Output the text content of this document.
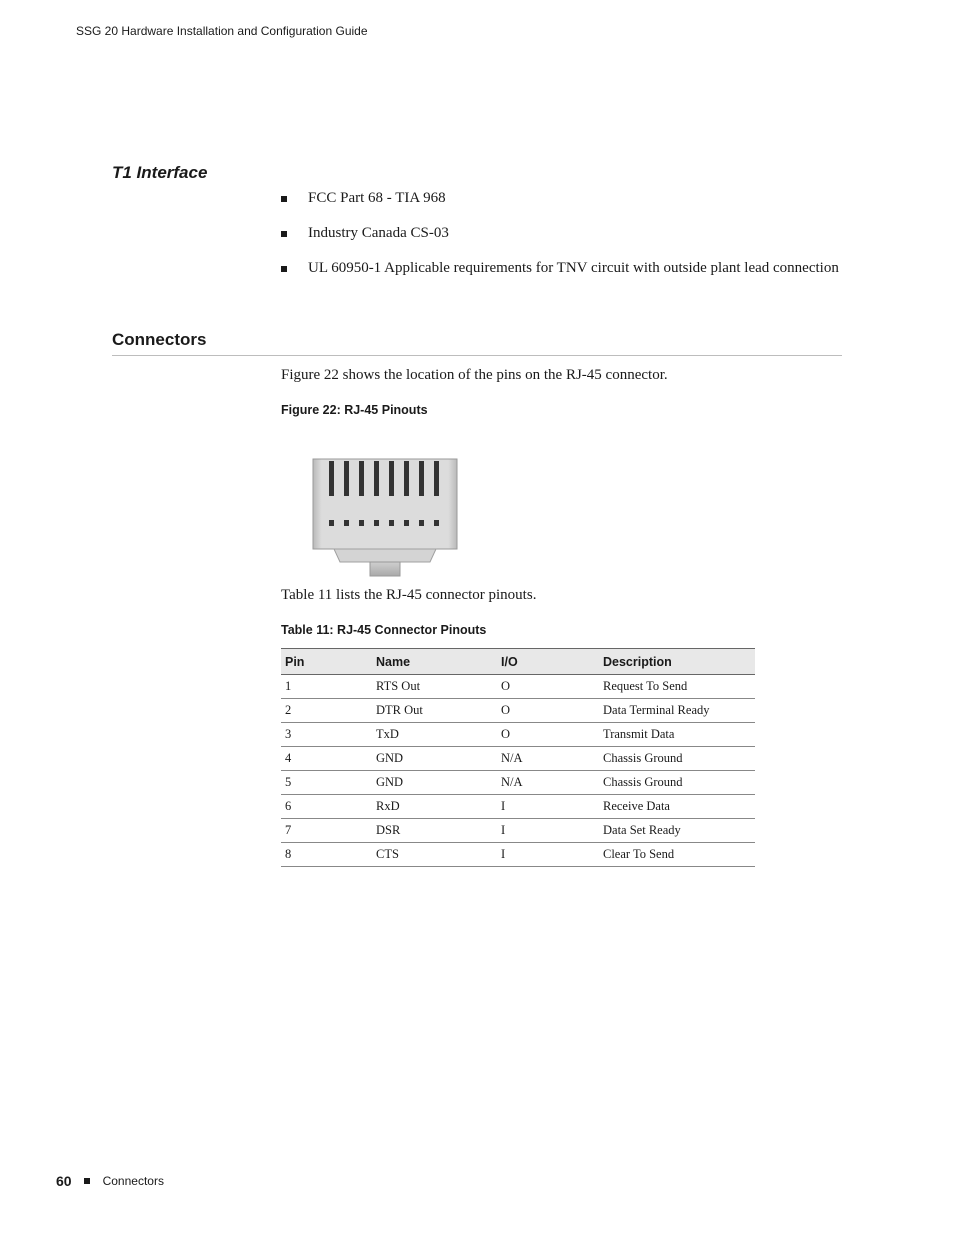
SSG 20 Hardware Installation and Configuration Guide
T1 Interface
FCC Part 68 - TIA 968
Industry Canada CS-03
UL 60950-1 Applicable requirements for TNV circuit with outside plant lead connection
Connectors
Figure 22 shows the location of the pins on the RJ-45 connector.
Figure 22: RJ-45 Pinouts
Table 11 lists the RJ-45 connector pinouts.
Table 11: RJ-45 Connector Pinouts
Pin	Name	I/O	Description
1	RTS Out	O	Request To Send
2	DTR Out	O	Data Terminal Ready
3	TxD	O	Transmit Data
4	GND	N/A	Chassis Ground
5	GND	N/A	Chassis Ground
6	RxD	I	Receive Data
7	DSR	I	Data Set Ready
8	CTS	I	Clear To Send
60	Connectors
